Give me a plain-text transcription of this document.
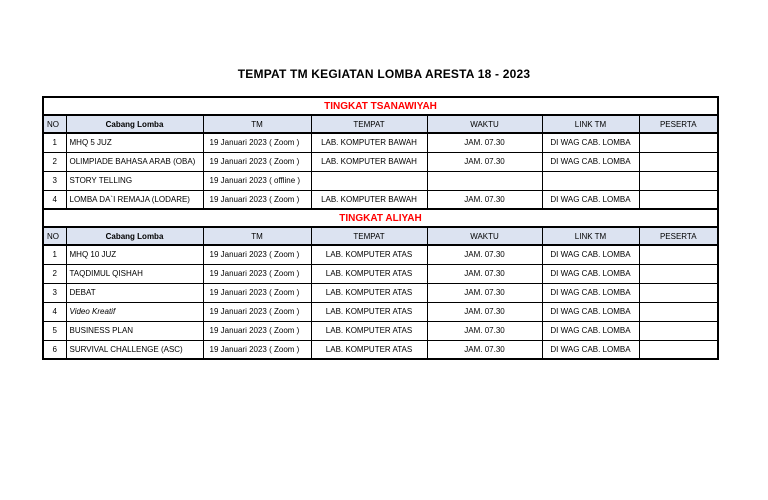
TEMPAT TM KEGIATAN LOMBA ARESTA 18 - 2023
TINGKAT TSANAWIYAH						
NO	Cabang Lomba	TM	TEMPAT	WAKTU	LINK TM	PESERTA
1	MHQ 5 JUZ	19 Januari 2023 ( Zoom )	LAB. KOMPUTER BAWAH	JAM. 07.30	DI WAG CAB. LOMBA	
2	OLIMPIADE BAHASA ARAB (OBA)	19 Januari 2023 ( Zoom )	LAB. KOMPUTER BAWAH	JAM. 07.30	DI WAG CAB. LOMBA	
3	STORY TELLING	19 Januari 2023 ( offline )				
4	LOMBA DA`I REMAJA (LODARE)	19 Januari 2023 ( Zoom )	LAB. KOMPUTER BAWAH	JAM. 07.30	DI WAG CAB. LOMBA	
TINGKAT ALIYAH						
NO	Cabang Lomba	TM	TEMPAT	WAKTU	LINK TM	PESERTA
1	MHQ 10 JUZ	19 Januari 2023 ( Zoom )	LAB. KOMPUTER ATAS	JAM. 07.30	DI WAG CAB. LOMBA	
2	TAQDIMUL QISHAH	19 Januari 2023 ( Zoom )	LAB. KOMPUTER ATAS	JAM. 07.30	DI WAG CAB. LOMBA	
3	DEBAT	19 Januari 2023 ( Zoom )	LAB. KOMPUTER ATAS	JAM. 07.30	DI WAG CAB. LOMBA	
4	Video Kreatif	19 Januari 2023 ( Zoom )	LAB. KOMPUTER ATAS	JAM. 07.30	DI WAG CAB. LOMBA	
5	BUSINESS PLAN	19 Januari 2023 ( Zoom )	LAB. KOMPUTER ATAS	JAM. 07.30	DI WAG CAB. LOMBA	
6	SURVIVAL CHALLENGE (ASC)	19 Januari 2023 ( Zoom )	LAB. KOMPUTER ATAS	JAM. 07.30	DI WAG CAB. LOMBA	
